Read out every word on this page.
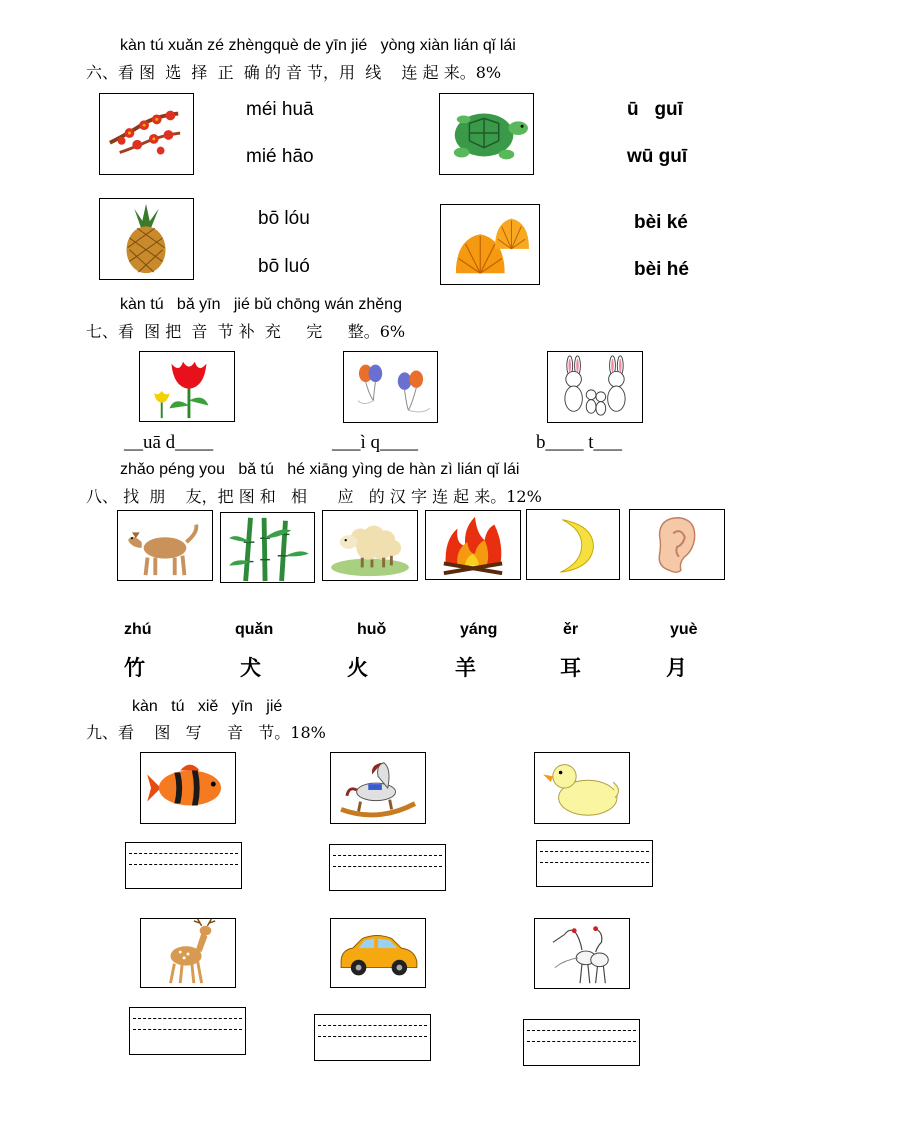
kàn tú xuǎn zé zhèngquè de yīn jié   yòng xiàn lián qǐ lái
六、看 图  选  择  正  确 的 音 节，用  线    连 起 来。8%
méi huā
mié hāo
ū   guī
wū guī
bō lóu
bō luó
bèi ké
bèi hé
kàn tú   bǎ yīn   jié bǔ chōng wán zhěng
七、看  图 把  音  节 补  充     完     整。6%
__uā d____	___ì q____	b____ t___
zhǎo péng you   bǎ tú   hé xiāng yìng de hàn zì lián qǐ lái
八、 找  朋    友，把 图 和   相      应   的 汉 字 连 起 来。12%
zhú	quǎn	huǒ	yáng	ěr	yuè
竹	犬	火	羊	耳	月
kàn   tú   xiě   yīn   jié
九、看    图   写     音   节。18%
